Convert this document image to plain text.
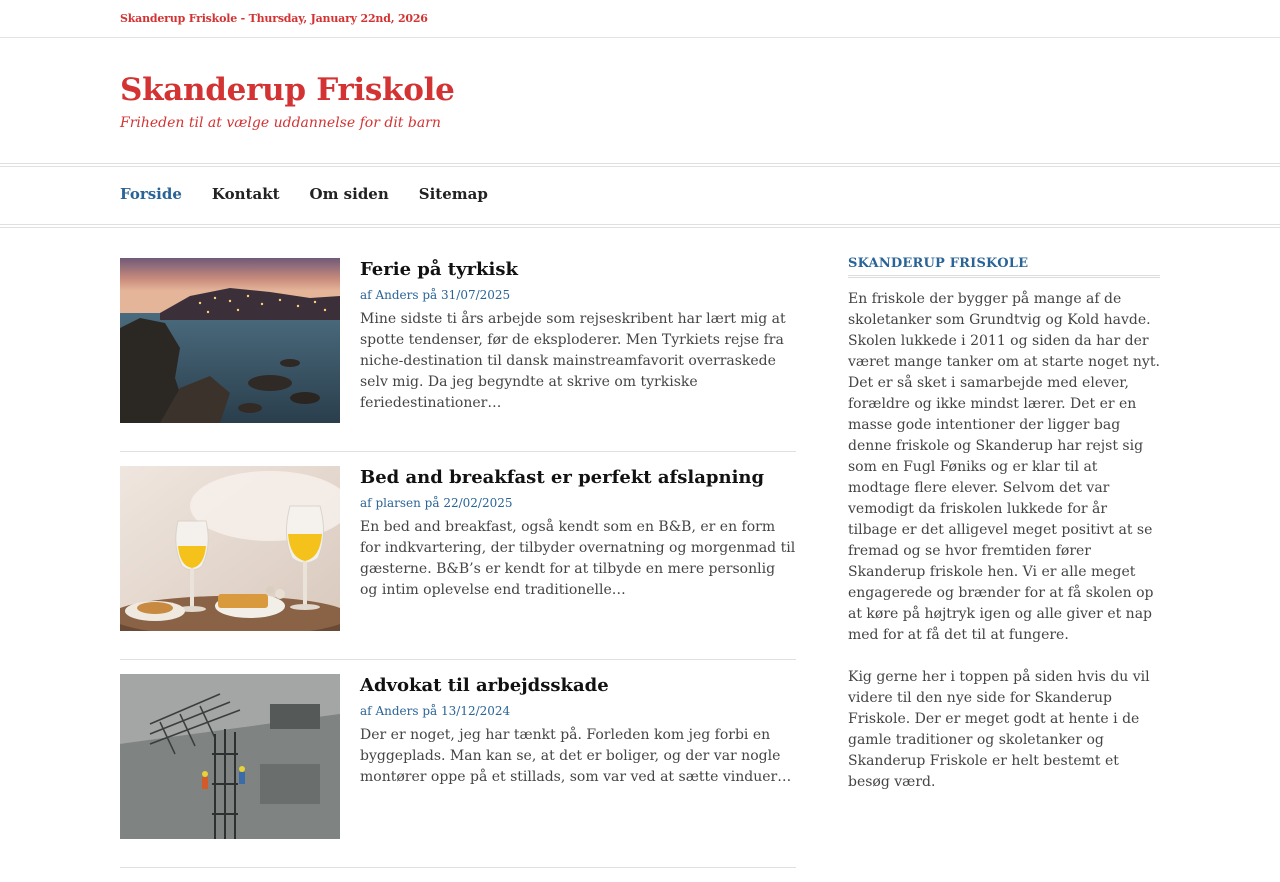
Skanderup Friskole - Thursday, January 22nd, 2026
Skanderup Friskole
Friheden til at vælge uddannelse for dit barn
Forside Kontakt Om siden Sitemap
Ferie på tyrkisk
af Anders på 31/07/2025

Mine sidste ti års arbejde som rejseskribent har lært mig at spotte tendenser, før de eksploderer. Men Tyrkiets rejse fra niche-destination til dansk mainstreamfavorit overraskede selv mig. Da jeg begyndte at skrive om tyrkiske feriedestinationer…

Bed and breakfast er perfekt afslapning
af plarsen på 22/02/2025

En bed and breakfast, også kendt som en B&B, er en form for indkvartering, der tilbyder overnatning og morgenmad til gæsterne. B&B’s er kendt for at tilbyde en mere personlig og intim oplevelse end traditionelle…

Advokat til arbejdsskade
af Anders på 13/12/2024

Der er noget, jeg har tænkt på. Forleden kom jeg forbi en byggeplads. Man kan se, at det er boliger, og der var nogle montører oppe på et stillads, som var ved at sætte vinduer…

SKANDERUP FRISKOLE

En friskole der bygger på mange af de skoletanker som Grundtvig og Kold havde. Skolen lukkede i 2011 og siden da har der været mange tanker om at starte noget nyt. Det er så sket i samarbejde med elever, forældre og ikke mindst lærer. Det er en masse gode intentioner der ligger bag denne friskole og Skanderup har rejst sig som en Fugl Føniks og er klar til at modtage flere elever. Selvom det var vemodigt da friskolen lukkede for år tilbage er det alligevel meget positivt at se fremad og se hvor fremtiden fører Skanderup friskole hen. Vi er alle meget engagerede og brænder for at få skolen op at køre på højtryk igen og alle giver et nap med for at få det til at fungere.

Kig gerne her i toppen på siden hvis du vil videre til den nye side for Skanderup Friskole. Der er meget godt at hente i de gamle traditioner og skoletanker og Skanderup Friskole er helt bestemt et besøg værd.
